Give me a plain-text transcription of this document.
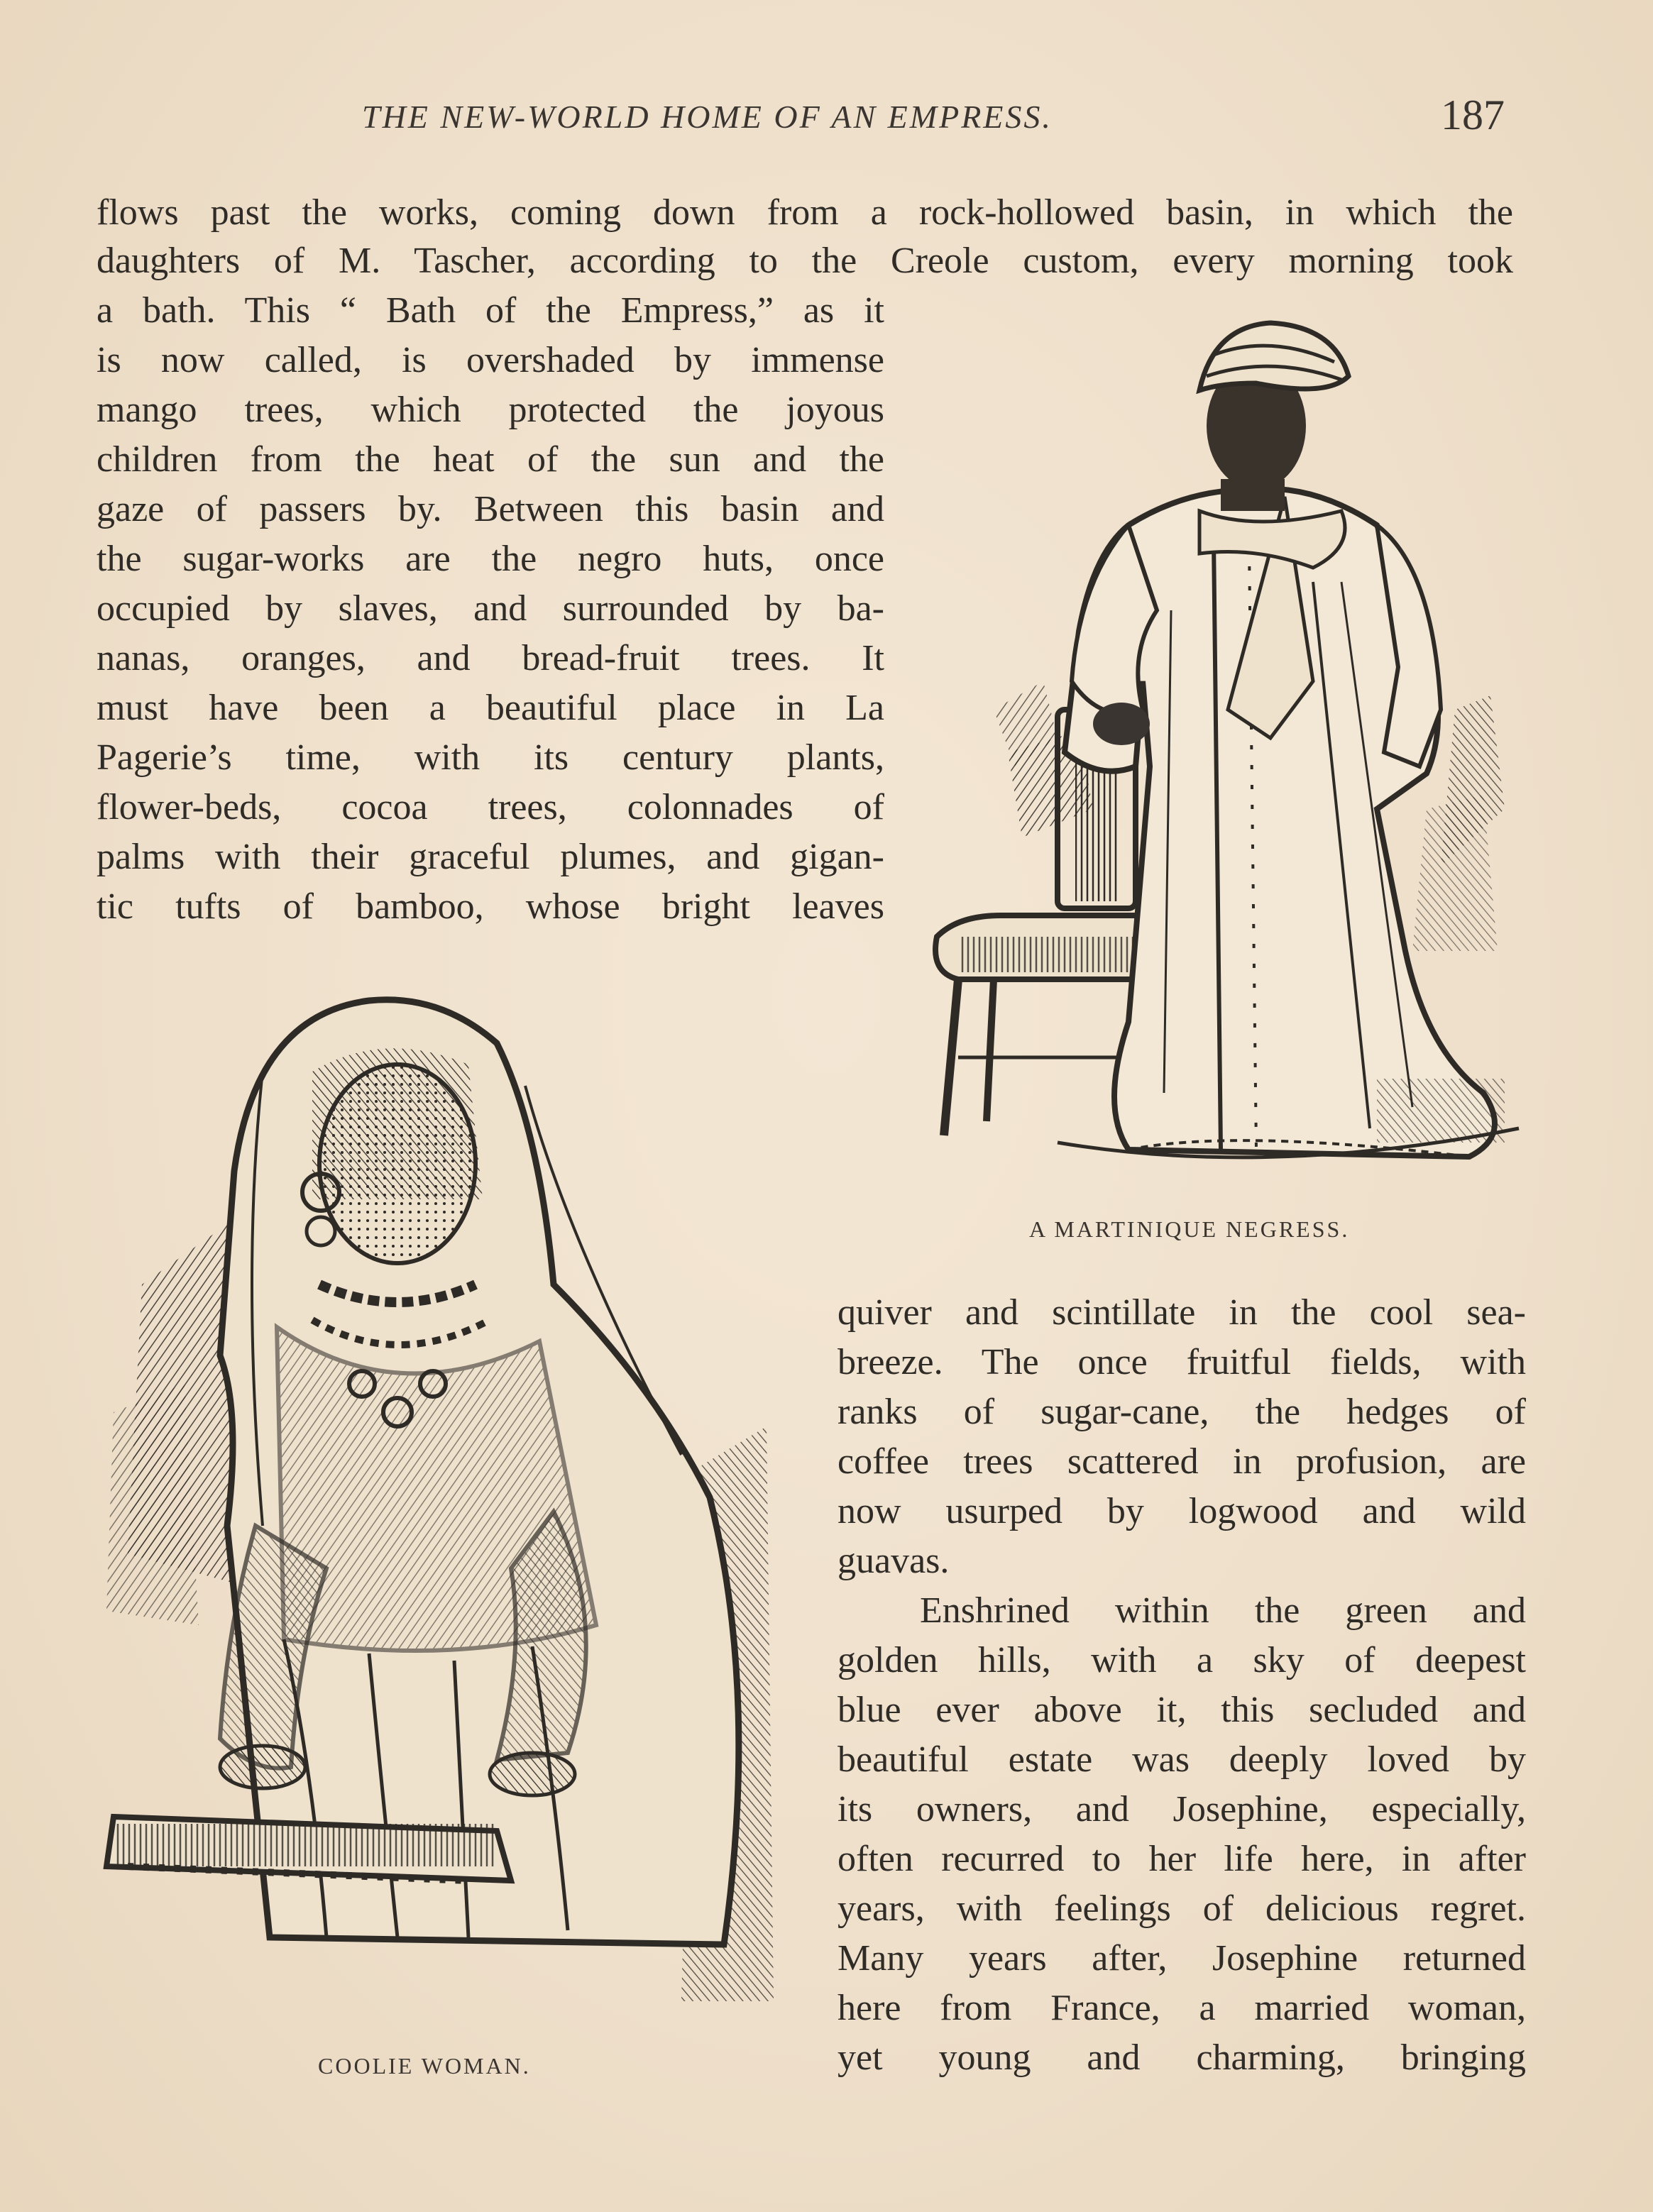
THE NEW-WORLD HOME OF AN EMPRESS.	187
flows past the works, coming down from a rock-hollowed basin, in which the
daughters of M. Tascher, according to the Creole custom, every morning took
a bath. This “ Bath of the Empress,” as it
is now called, is overshaded by immense
mango trees, which protected the joyous
children from the heat of the sun and the
gaze of passers by. Between this basin and
the sugar-works are the negro huts, once
occupied by slaves, and surrounded by ba-
nanas, oranges, and bread-fruit trees. It
must have been a beautiful place in La
Pagerie’s time, with its century plants,
flower-beds, cocoa trees, colonnades of
palms with their graceful plumes, and gigan-
tic tufts of bamboo, whose bright leaves
A MARTINIQUE NEGRESS.
COOLIE WOMAN.
quiver and scintillate in the cool sea-
breeze. The once fruitful fields, with
ranks of sugar-cane, the hedges of
coffee trees scattered in profusion, are
now usurped by logwood and wild
guavas.
Enshrined within the green and
golden hills, with a sky of deepest
blue ever above it, this secluded and
beautiful estate was deeply loved by
its owners, and Josephine, especially,
often recurred to her life here, in after
years, with feelings of delicious regret.
Many years after, Josephine returned
here from France, a married woman,
yet young and charming, bringing
